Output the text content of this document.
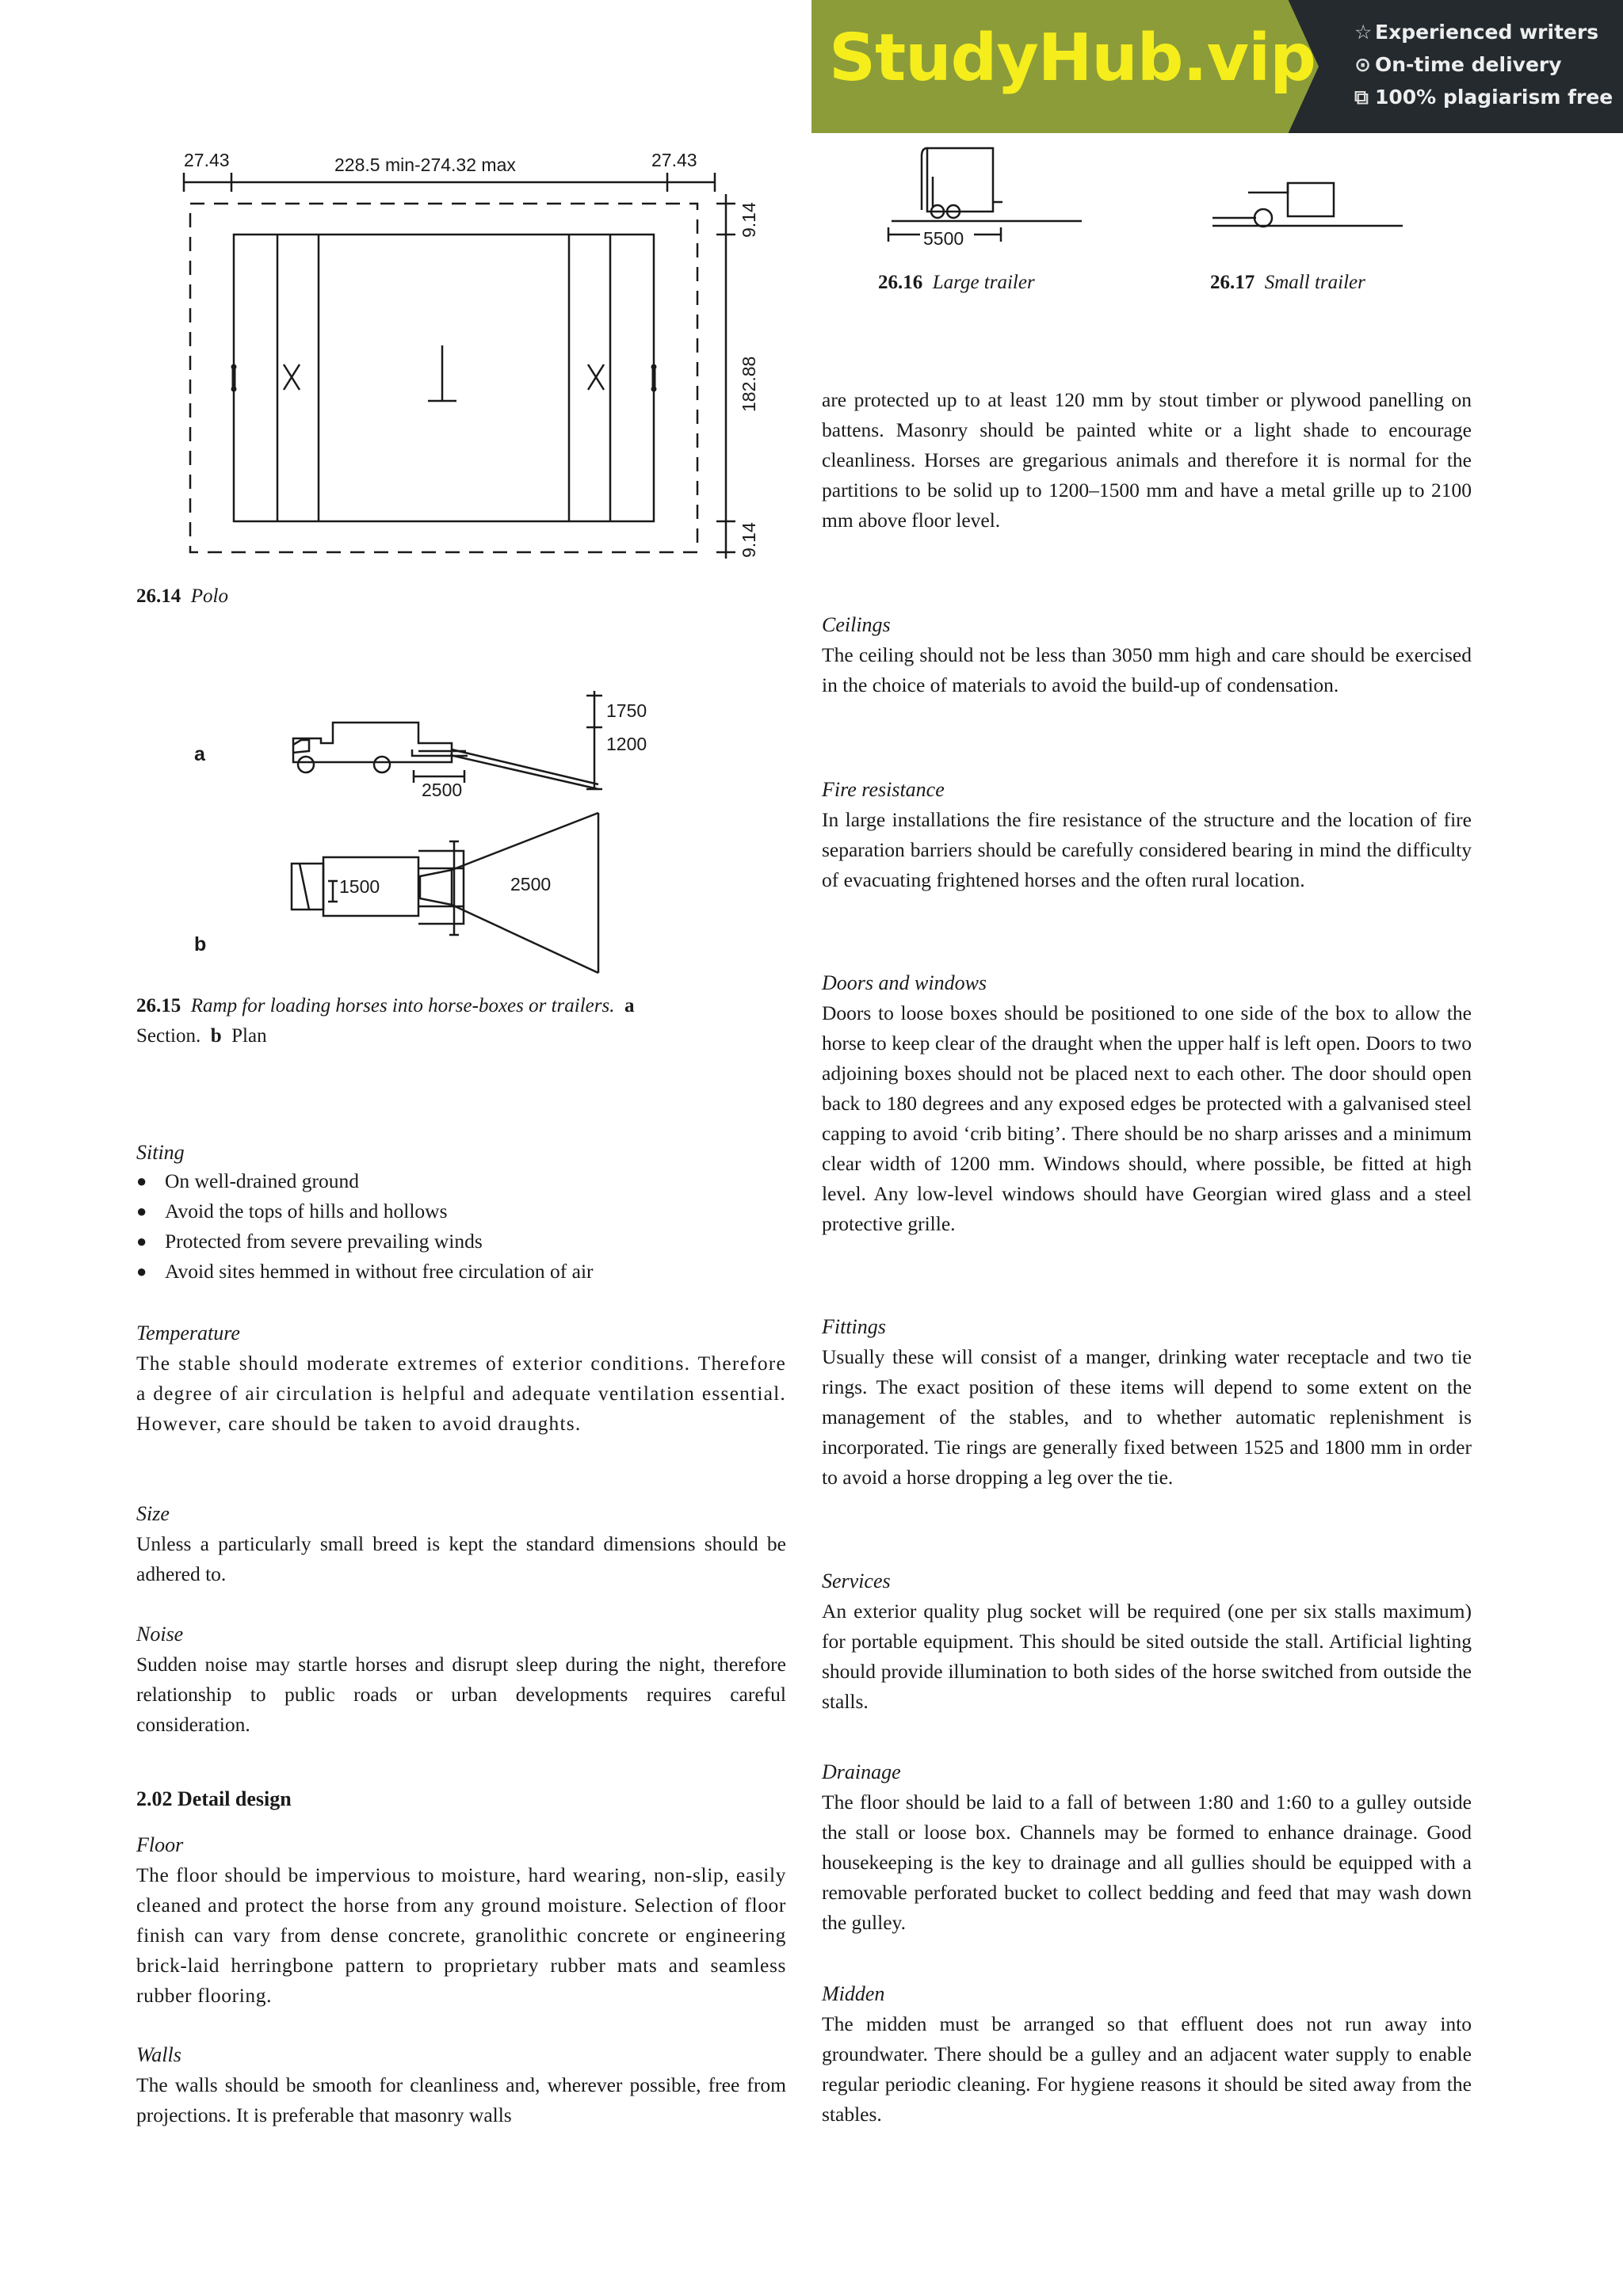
StudyHub.vip ☆ Experienced writers
⊙ On-time delivery
⧉ 100% plagiarism free
27.43	228.5 min-274.32 max	27.43
9.14
182.88
9.14
26.14 Polo
a
b
1750
1200
2500
1500	2500
26.15 Ramp for loading horses into horse-boxes or trailers. a
Section. b Plan
5500
26.16 Large trailer	26.17 Small trailer
Siting
● On well-drained ground
● Avoid the tops of hills and hollows
● Protected from severe prevailing winds
● Avoid sites hemmed in without free circulation of air
Temperature
The stable should moderate extremes of exterior conditions. Therefore a degree of air circulation is helpful and adequate ventilation essential. However, care should be taken to avoid draughts.
Size
Unless a particularly small breed is kept the standard dimensions should be adhered to.
Noise
Sudden noise may startle horses and disrupt sleep during the night, therefore relationship to public roads or urban developments requires careful consideration.
2.02 Detail design
Floor
The floor should be impervious to moisture, hard wearing, non-slip, easily cleaned and protect the horse from any ground moisture. Selection of floor finish can vary from dense concrete, granolithic concrete or engineering brick-laid herringbone pattern to proprietary rubber mats and seamless rubber flooring.
Walls
The walls should be smooth for cleanliness and, wherever possible, free from projections. It is preferable that masonry walls
are protected up to at least 120 mm by stout timber or plywood panelling on battens. Masonry should be painted white or a light shade to encourage cleanliness. Horses are gregarious animals and therefore it is normal for the partitions to be solid up to 1200–1500 mm and have a metal grille up to 2100 mm above floor level.
Ceilings
The ceiling should not be less than 3050 mm high and care should be exercised in the choice of materials to avoid the build-up of condensation.
Fire resistance
In large installations the fire resistance of the structure and the location of fire separation barriers should be carefully considered bearing in mind the difficulty of evacuating frightened horses and the often rural location.
Doors and windows
Doors to loose boxes should be positioned to one side of the box to allow the horse to keep clear of the draught when the upper half is left open. Doors to two adjoining boxes should not be placed next to each other. The door should open back to 180 degrees and any exposed edges be protected with a galvanised steel capping to avoid ‘crib biting’. There should be no sharp arisses and a minimum clear width of 1200 mm. Windows should, where possible, be fitted at high level. Any low-level windows should have Georgian wired glass and a steel protective grille.
Fittings
Usually these will consist of a manger, drinking water receptacle and two tie rings. The exact position of these items will depend to some extent on the management of the stables, and to whether automatic replenishment is incorporated. Tie rings are generally fixed between 1525 and 1800 mm in order to avoid a horse dropping a leg over the tie.
Services
An exterior quality plug socket will be required (one per six stalls maximum) for portable equipment. This should be sited outside the stall. Artificial lighting should provide illumination to both sides of the horse switched from outside the stalls.
Drainage
The floor should be laid to a fall of between 1:80 and 1:60 to a gulley outside the stall or loose box. Channels may be formed to enhance drainage. Good housekeeping is the key to drainage and all gullies should be equipped with a removable perforated bucket to collect bedding and feed that may wash down the gulley.
Midden
The midden must be arranged so that effluent does not run away into groundwater. There should be a gulley and an adjacent water supply to enable regular periodic cleaning. For hygiene reasons it should be sited away from the stables.
